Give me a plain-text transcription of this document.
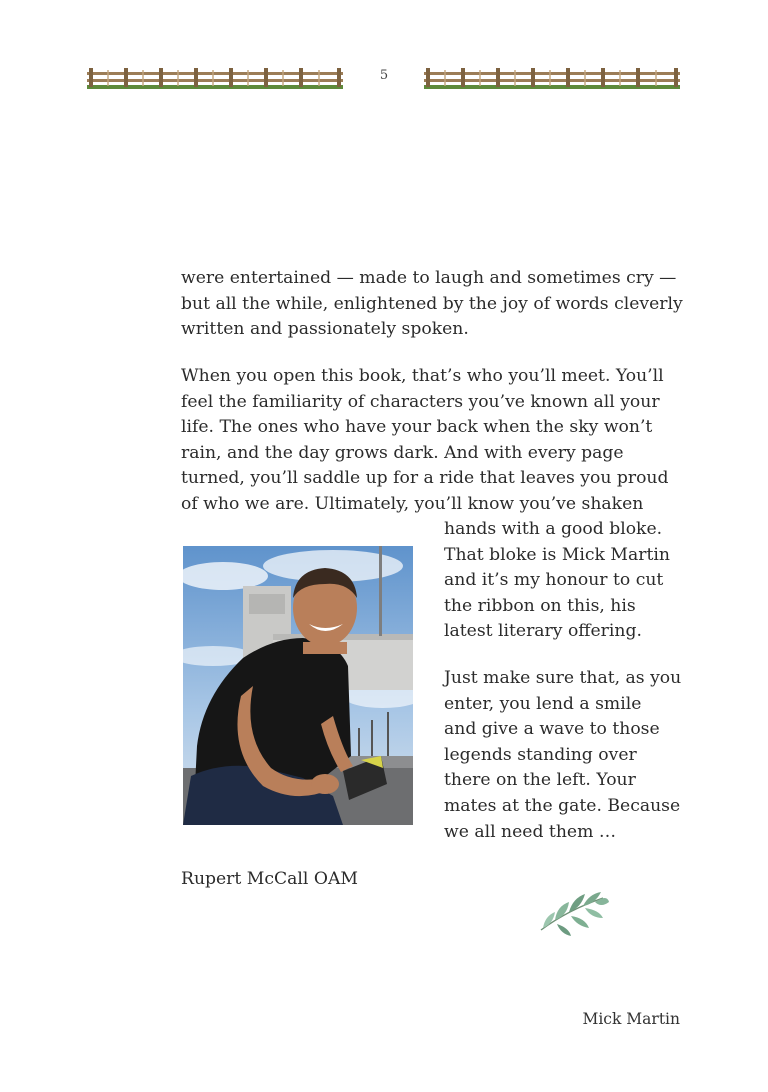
5

were entertained — made to laugh and sometimes cry —
but all the while, enlightened by the joy of words cleverly
written and passionately spoken.

When you open this book, that’s who you’ll meet. You’ll
feel the familiarity of characters you’ve known all your
life. The ones who have your back when the sky won’t
rain, and the day grows dark. And with every page
turned, you’ll saddle up for a ride that leaves you proud
of who we are. Ultimately, you’ll know you’ve shaken

hands with a good bloke.
That bloke is Mick Martin
and it’s my honour to cut
the ribbon on this, his
latest literary offering.

Just make sure that, as you
enter, you lend a smile
and give a wave to those
legends standing over
there on the left. Your
mates at the gate. Because
we all need them …

Rupert McCall OAM
Mick Martin
